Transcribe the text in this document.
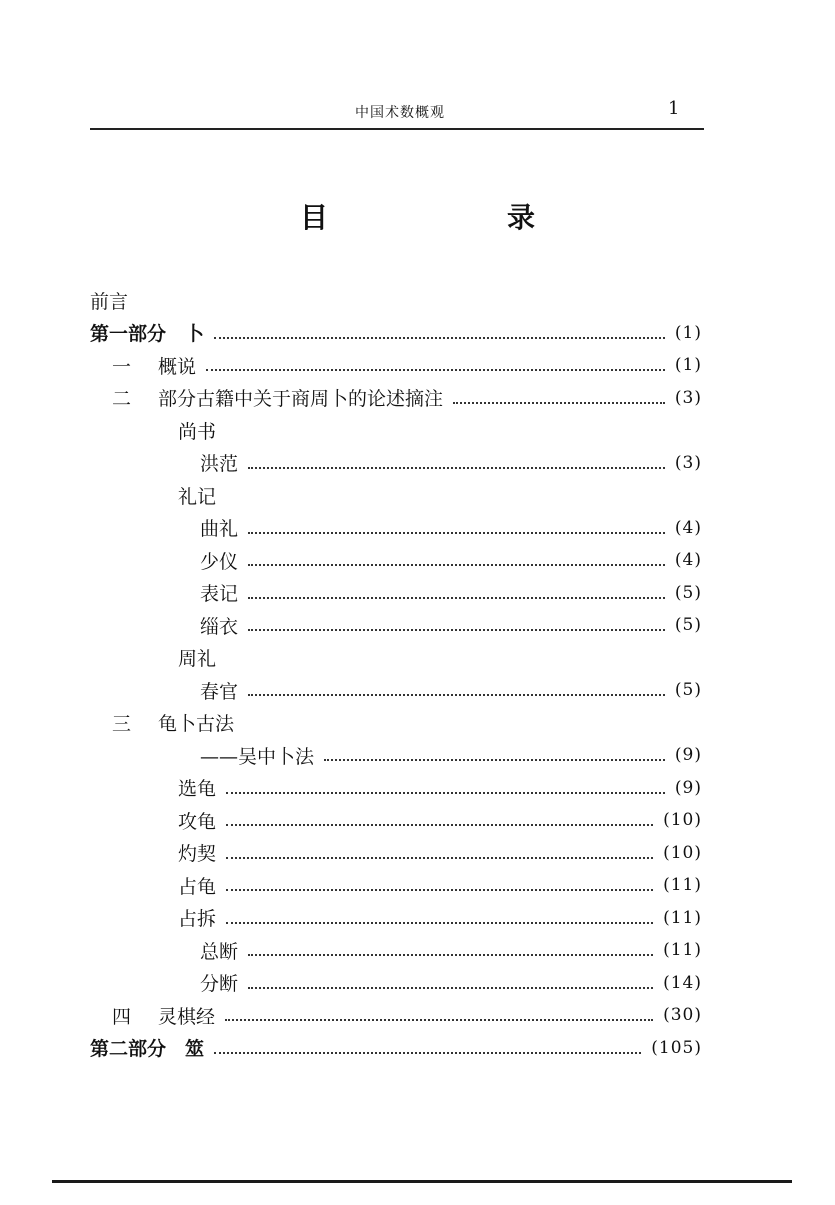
中国术数概观	1
目	录
前言
第一部分　卜	(1)
一 概说	(1)
二 部分古籍中关于商周卜的论述摘注	(3)
尚书
洪范	(3)
礼记
曲礼	(4)
少仪	(4)
表记	(5)
缁衣	(5)
周礼
春官	(5)
三 龟卜古法
——吴中卜法	(9)
选龟	(9)
攻龟	(10)
灼契	(10)
占龟	(11)
占拆	(11)
总断	(11)
分断	(14)
四 灵棋经	(30)
第二部分　筮	(105)
